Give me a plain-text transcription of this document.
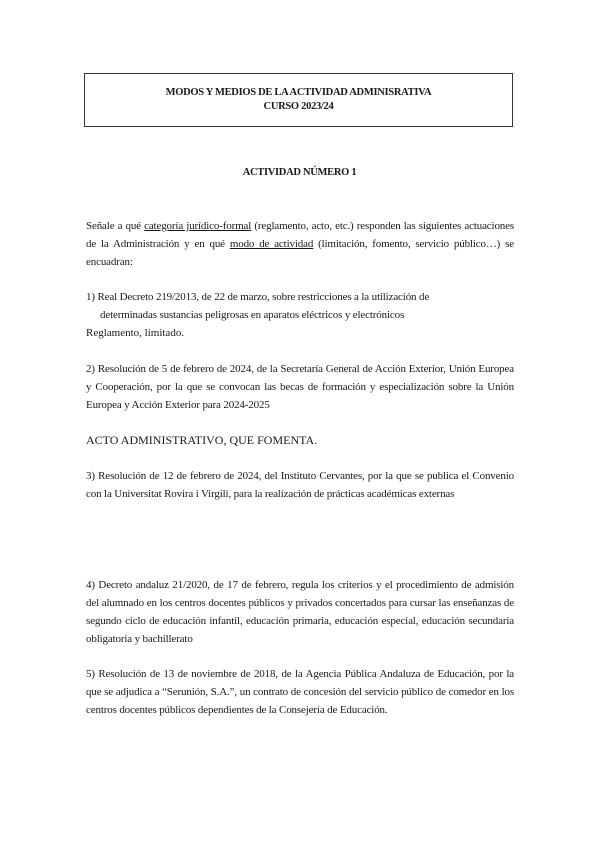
MODOS Y MEDIOS DE LA ACTIVIDAD ADMINISRATIVA
CURSO 2023/24
ACTIVIDAD NÚMERO 1
Señale a qué categoría jurídico-formal (reglamento, acto, etc.) responden las siguientes actuaciones de la Administración y en qué modo de actividad (limitación, fomento, servicio público…) se encuadran:
1) Real Decreto 219/2013, de 22 de marzo, sobre restricciones a la utilización de
determinadas sustancias peligrosas en aparatos eléctricos y electrónicos
Reglamento, limitado.
2) Resolución de 5 de febrero de 2024, de la Secretaría General de Acción Exterior, Unión Europea y Cooperación, por la que se convocan las becas de formación y especialización sobre la Unión Europea y Acción Exterior para 2024-2025
ACTO ADMINISTRATIVO, QUE FOMENTA.
3) Resolución de 12 de febrero de 2024, del Instituto Cervantes, por la que se publica el Convenio con la Universitat Rovira i Virgili, para la realización de prácticas académicas externas
4) Decreto andaluz 21/2020, de 17 de febrero, regula los criterios y el procedimiento de admisión del alumnado en los centros docentes públicos y privados concertados para cursar las enseñanzas de segundo ciclo de educación infantil, educación primaria, educación especial, educación secundaria obligatoria y bachillerato
5) Resolución de 13 de noviembre de 2018, de la Agencia Pública Andaluza de Educación, por la que se adjudica a “Serunión, S.A.”, un contrato de concesión del servicio público de comedor en los centros docentes públicos dependientes de la Consejería de Educación.
